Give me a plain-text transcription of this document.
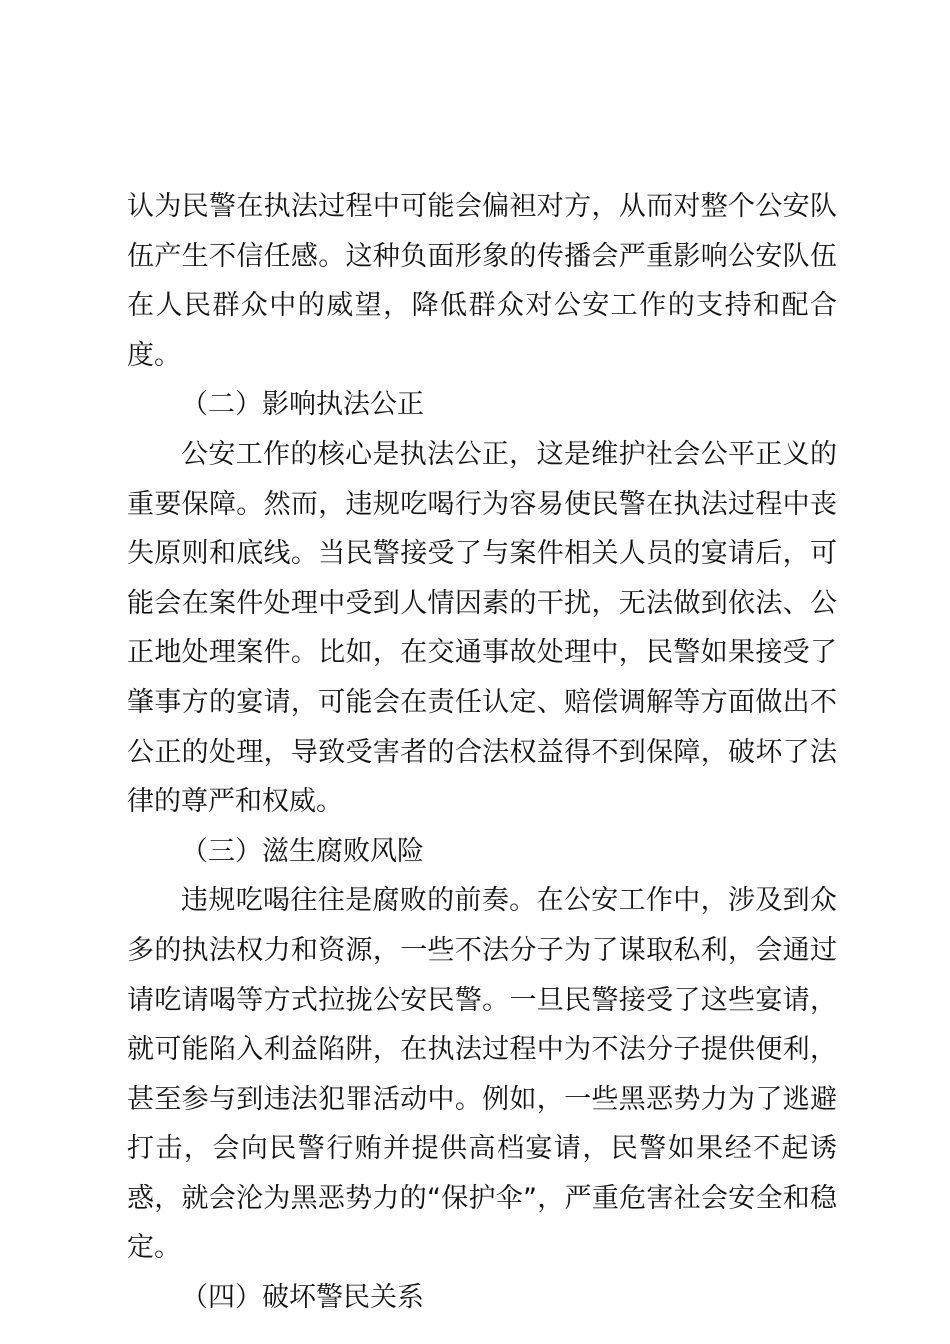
认为民警在执法过程中可能会偏袒对方，从而对整个公安队伍产生不信任感。这种负面形象的传播会严重影响公安队伍在人民群众中的威望，降低群众对公安工作的支持和配合度。

（二）影响执法公正

公安工作的核心是执法公正，这是维护社会公平正义的重要保障。然而，违规吃喝行为容易使民警在执法过程中丧失原则和底线。当民警接受了与案件相关人员的宴请后，可能会在案件处理中受到人情因素的干扰，无法做到依法、公正地处理案件。比如，在交通事故处理中，民警如果接受了肇事方的宴请，可能会在责任认定、赔偿调解等方面做出不公正的处理，导致受害者的合法权益得不到保障，破坏了法律的尊严和权威。

（三）滋生腐败风险

违规吃喝往往是腐败的前奏。在公安工作中，涉及到众多的执法权力和资源，一些不法分子为了谋取私利，会通过请吃请喝等方式拉拢公安民警。一旦民警接受了这些宴请，就可能陷入利益陷阱，在执法过程中为不法分子提供便利，甚至参与到违法犯罪活动中。例如，一些黑恶势力为了逃避打击，会向民警行贿并提供高档宴请，民警如果经不起诱惑，就会沦为黑恶势力的“保护伞”，严重危害社会安全和稳定。

（四）破坏警民关系
